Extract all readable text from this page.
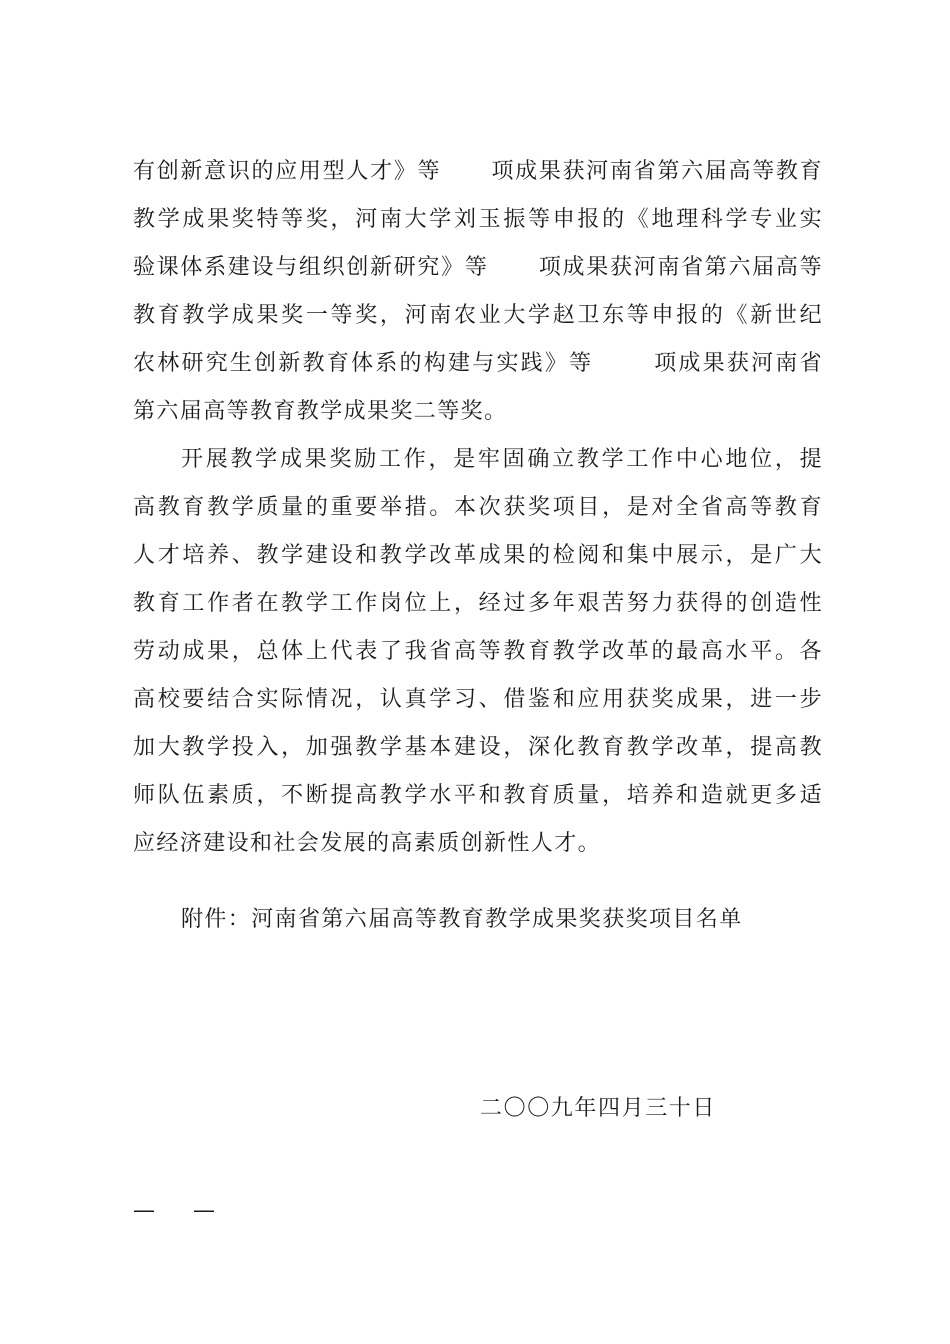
有创新意识的应用型人才》等 项成果获河南省第六届高等教育
教学成果奖特等奖，河南大学刘玉振等申报的《地理科学专业实
验课体系建设与组织创新研究》等 项成果获河南省第六届高等
教育教学成果奖一等奖，河南农业大学赵卫东等申报的《新世纪
农林研究生创新教育体系的构建与实践》等	项成果获河南省
第六届高等教育教学成果奖二等奖。
开展教学成果奖励工作，是牢固确立教学工作中心地位，提
高教育教学质量的重要举措。本次获奖项目，是对全省高等教育
人才培养、教学建设和教学改革成果的检阅和集中展示，是广大
教育工作者在教学工作岗位上，经过多年艰苦努力获得的创造性
劳动成果，总体上代表了我省高等教育教学改革的最高水平。各
高校要结合实际情况，认真学习、借鉴和应用获奖成果，进一步
加大教学投入，加强教学基本建设，深化教育教学改革，提高教
师队伍素质，不断提高教学水平和教育质量，培养和造就更多适
应经济建设和社会发展的高素质创新性人才。
附件：河南省第六届高等教育教学成果奖获奖项目名单
二〇〇九年四月三十日
— —
